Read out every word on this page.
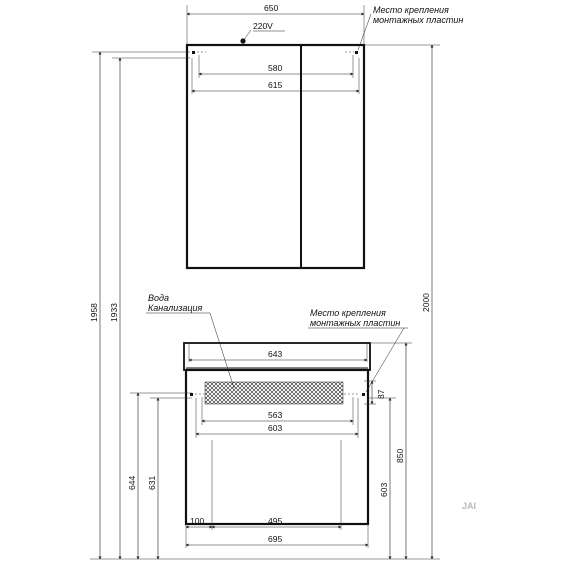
650
220V
580
615
Место крепления
монтажных пластин
643
563
603
87
100	495
695
Вода
Канализация	Место крепления
монтажных пластин
1958 1933
2000
850
644 631	603
JAI
